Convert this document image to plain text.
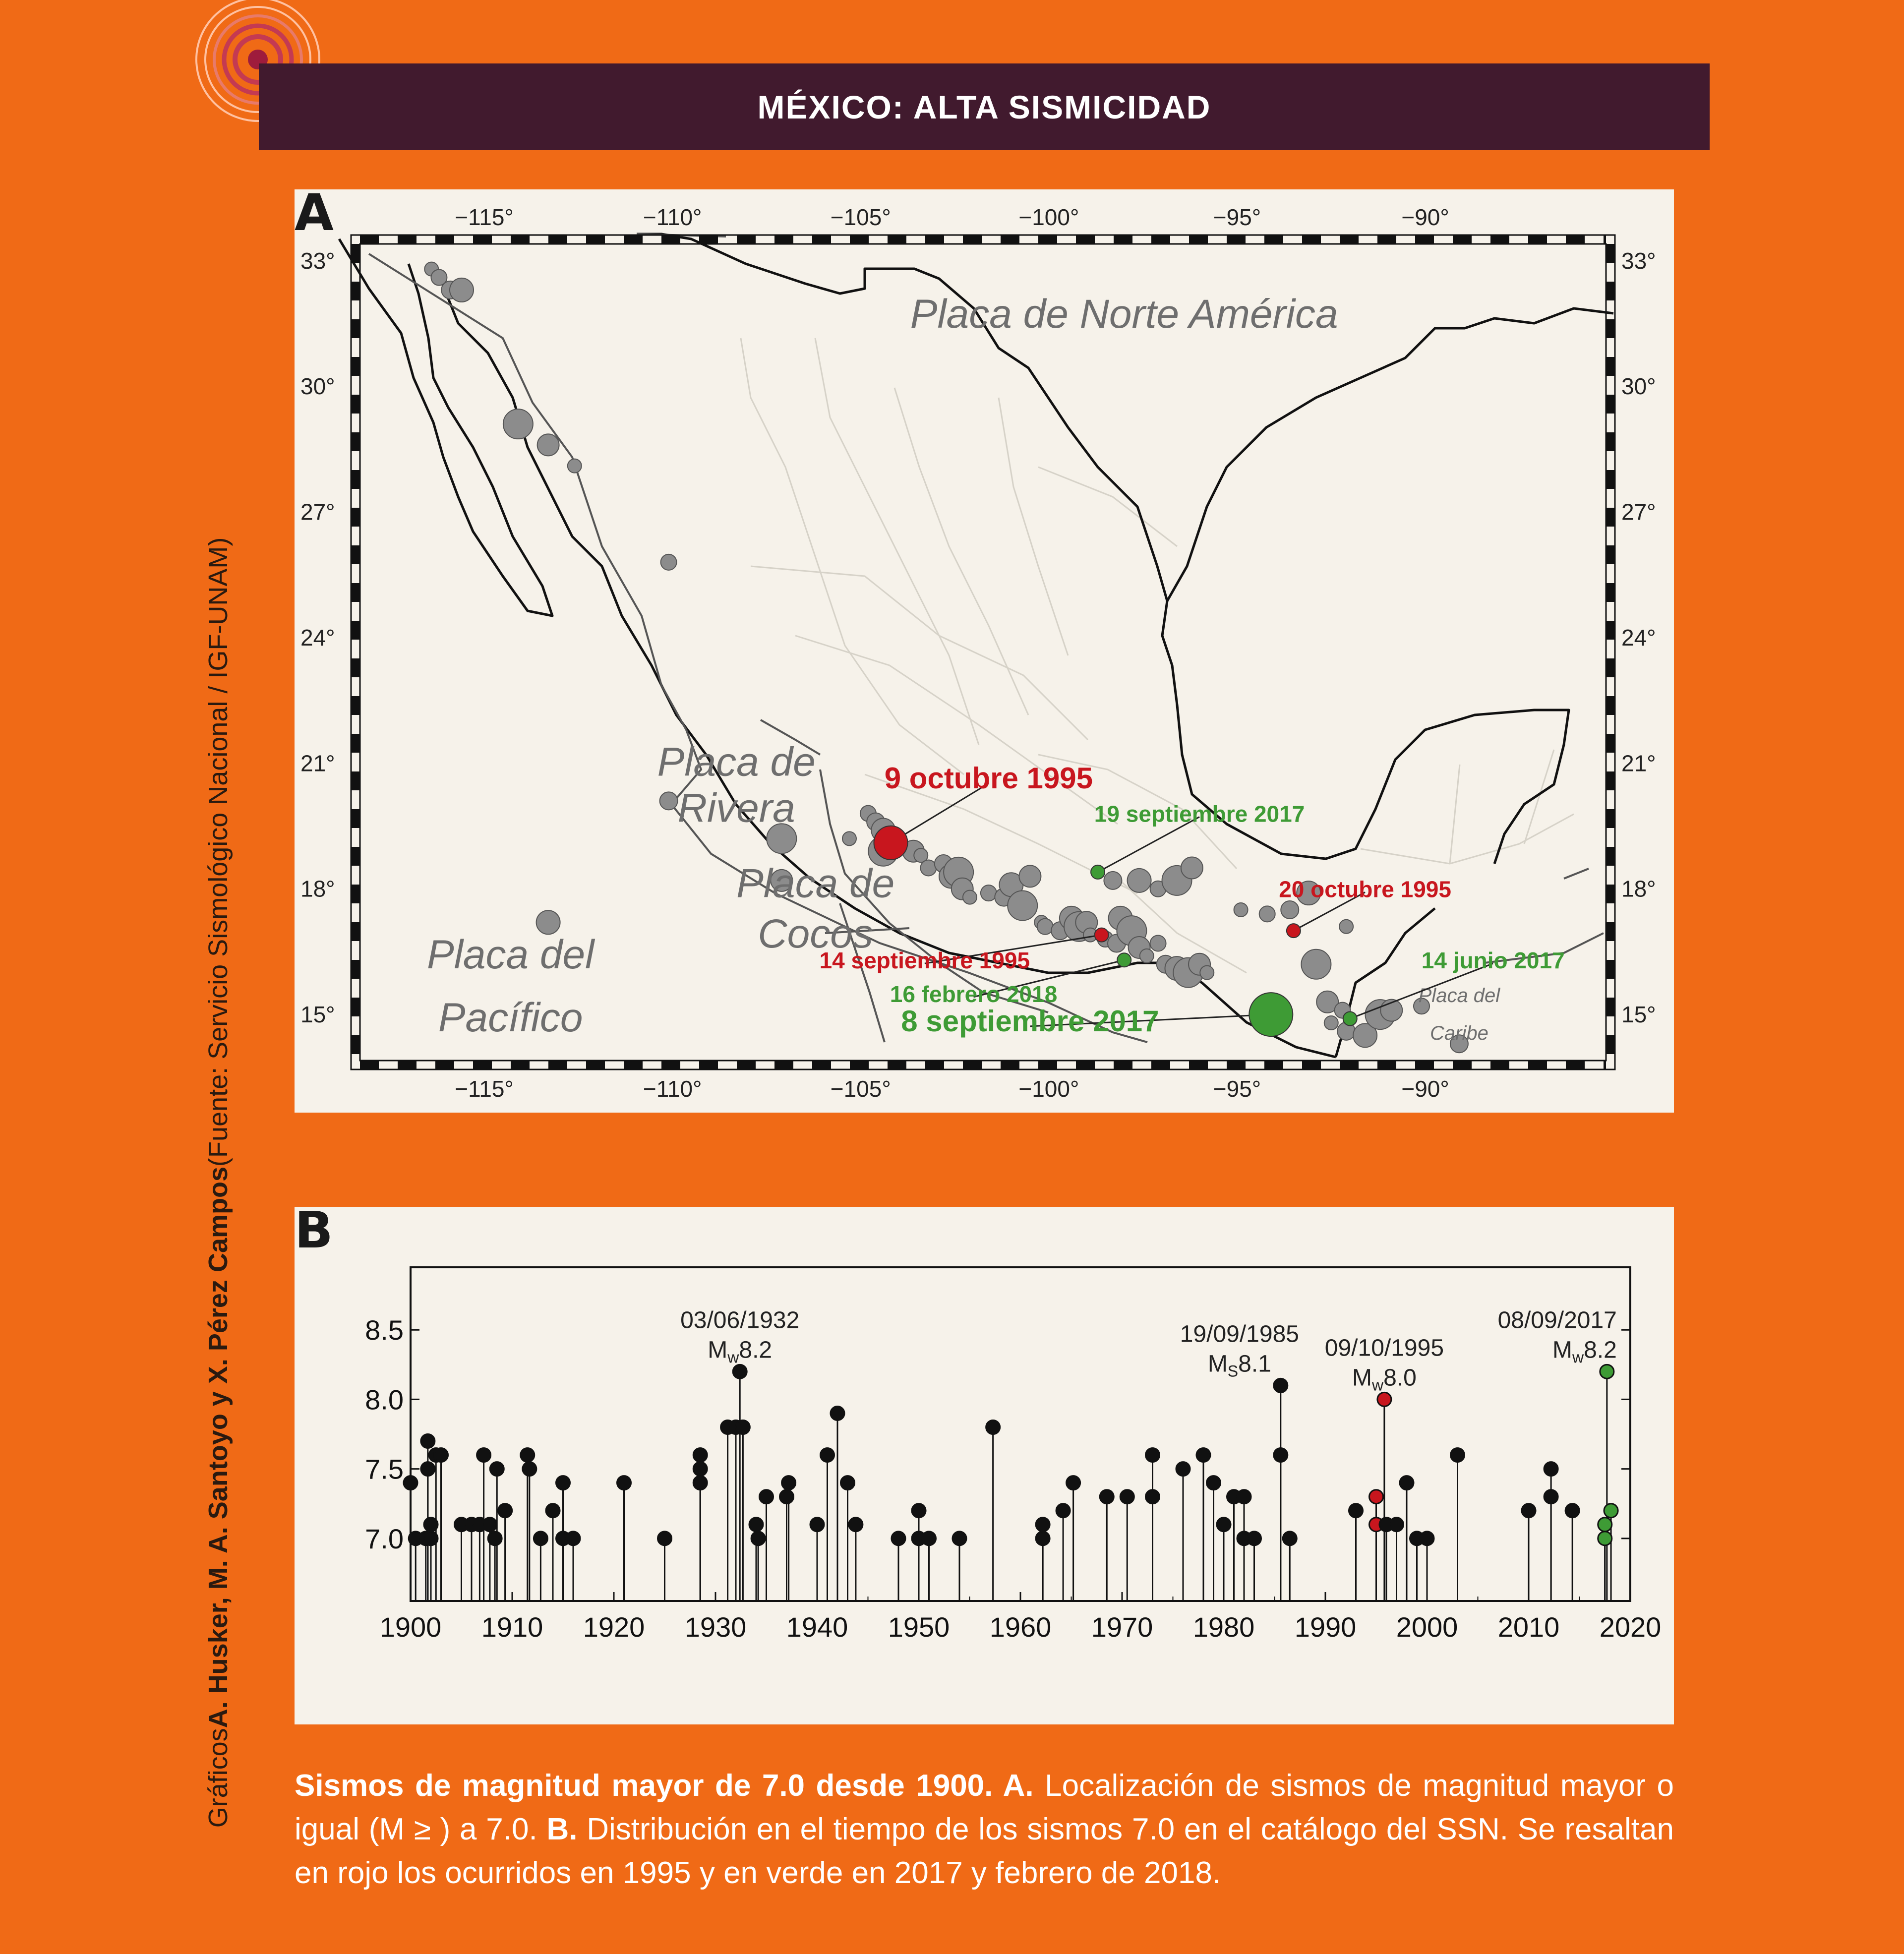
MÉXICO: ALTA SISMICIDAD
−115°
−115°
−110°
−110°
−105°
−105°
−100°
−100°
−95°
−95°
−90°
−90°
33°	33°
30°	30°
27°	27°
24°	24°
21°	21°
18°	18°
15°	15°
Placa de Norte América
Placa de
Rivera
Placa de
Cocos
Placa del
Pacífico	Placa del
Caribe
9 octubre 1995
19 septiembre 2017
20 octubre 1995
14 septiembre 1995
16 febrero 2018
8 septiembre 2017
14 junio 2017
A
1900 1910 1920 1930 1940 1950 1960 1970 1980 1990 2000 2010 2020
7.0
7.5
8.0
8.5	03/06/1932
$M_w8.2$
19/09/1985
$M_S8.1$
09/10/1995
$M_w8.0$
08/09/2017
$M_w8.2$
B
Gráficos
A. Husker, M. A. Santoyo y X. Pérez Campos
(Fuente: Servicio Sismológico Nacional / IGF-UNAM)
Sismos de magnitud mayor de 7.0 desde 1900. A. Localización de sismos de magnitud mayor o igual (M ≥ ) a 7.0. B. Distribución en el tiempo de los sismos 7.0 en el catálogo del SSN. Se resaltan en rojo los ocurridos en 1995 y en verde en 2017 y febrero de 2018.
